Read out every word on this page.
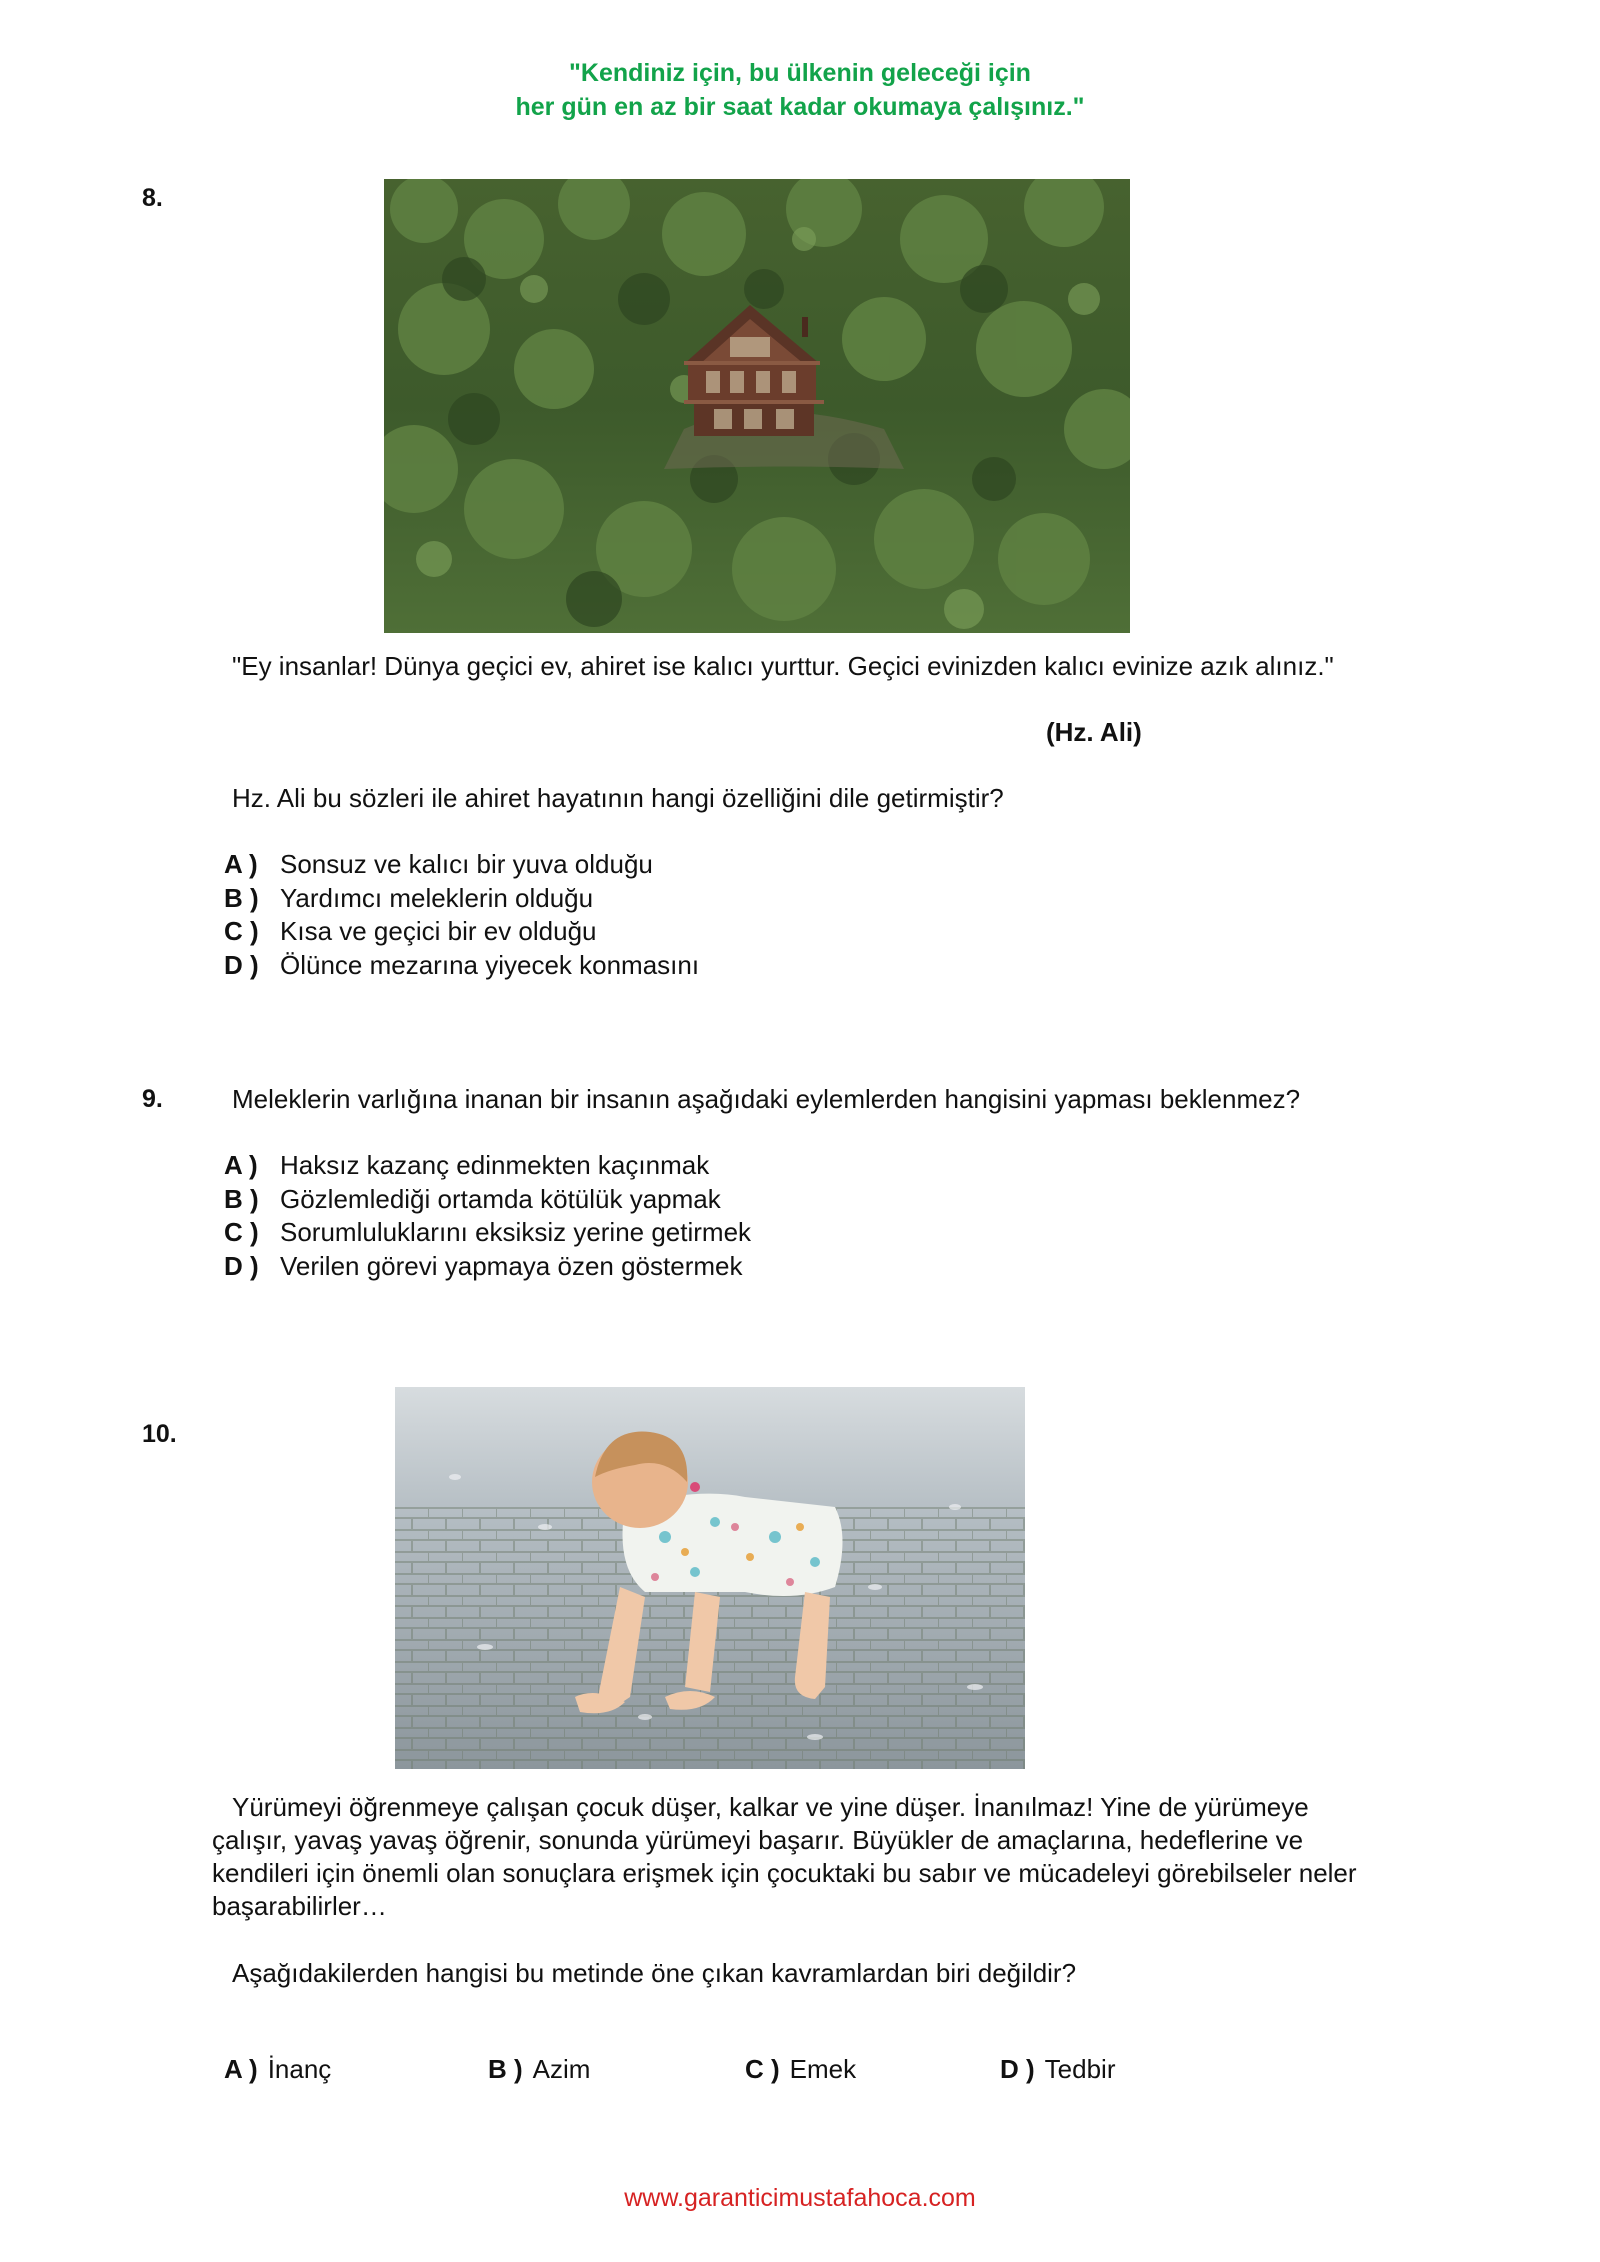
"Kendiniz için, bu ülkenin geleceği için
her gün en az bir saat kadar okumaya çalışınız."
8.
"Ey insanlar! Dünya geçici ev, ahiret ise kalıcı yurttur. Geçici evinizden kalıcı evinize azık alınız."
(Hz. Ali)
Hz. Ali bu sözleri ile ahiret hayatının hangi özelliğini dile getirmiştir?
A ) Sonsuz ve kalıcı bir yuva olduğu
B ) Yardımcı meleklerin olduğu
C ) Kısa ve geçici bir ev olduğu
D ) Ölünce mezarına yiyecek konmasını
9.	Meleklerin varlığına inanan bir insanın aşağıdaki eylemlerden hangisini yapması beklenmez?
A ) Haksız kazanç edinmekten kaçınmak
B ) Gözlemlediği ortamda kötülük yapmak
C ) Sorumluluklarını eksiksiz yerine getirmek
D ) Verilen görevi yapmaya özen göstermek
10.
Yürümeyi öğrenmeye çalışan çocuk düşer, kalkar ve yine düşer. İnanılmaz! Yine de yürümeye
çalışır, yavaş yavaş öğrenir, sonunda yürümeyi başarır. Büyükler de amaçlarına, hedeflerine ve
kendileri için önemli olan sonuçlara erişmek için çocuktaki bu sabır ve mücadeleyi görebilseler neler
başarabilirler…
Aşağıdakilerden hangisi bu metinde öne çıkan kavramlardan biri değildir?
A ) İnanç	B ) Azim	C ) Emek	D ) Tedbir
www.garanticimustafahoca.com
